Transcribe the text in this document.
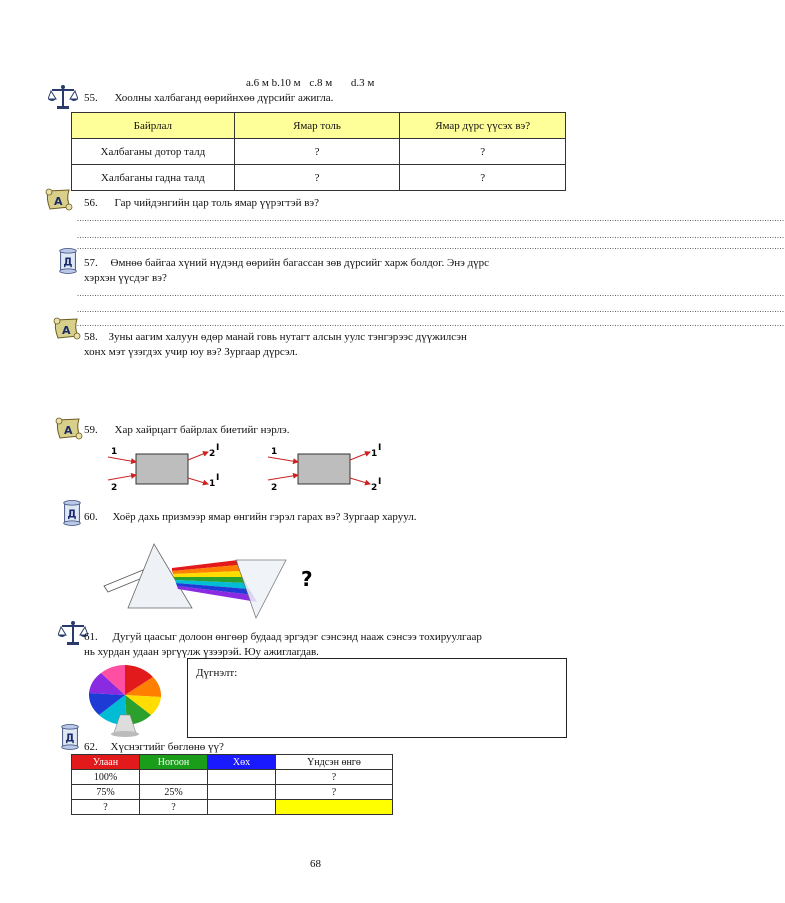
a.6 м b.10 м c.8 м d.3 м
55. Хоолны халбаганд өөрийнхөө дүрсийг ажигла.
Байрлал	Ямар толь	Ямар дүрс үүсэх вэ?
Халбаганы дотор талд	?	?
Халбаганы гадна талд	?	?
56. Гар чийдэнгийн цар толь ямар үүрэгтэй вэ?
...........................................................................................................................................................................................................................................................................................
...........................................................................................................................................................................................................................................................................................
...........................................................................................................................................................................................................................................................................................
57. Өмнөө байгаа хүний нүдэнд өөрийн багассан зөв дүрсийг харж болдог. Энэ дүрс
хэрхэн үүсдэг вэ?
...........................................................................................................................................................................................................................................................................................
...........................................................................................................................................................................................................................................................................................
...........................................................................................................................................................................................................................................................................................
58. Зуны аагим халуун өдөр манай говь нутагт алсын уулс тэнгэрээс дүүжилсэн
хонх мэт үзэгдэх учир юу вэ? Зургаар дүрсэл.
59. Хар хайрцагт байрлах биетийг нэрлэ.
1
2
2
I
1
I
1
2
1
I
2
I
60. Хоёр дахь призмээр ямар өнгийн гэрэл гарах вэ? Зургаар харуул.
?
61. Дугуй цаасыг долоон өнгөөр будаад эргэдэг сэнсэнд нааж сэнсээ тохируулгаар
нь хурдан удаан эргүүлж үзээрэй. Юу ажиглагдав.
Дүгнэлт:
62. Хүснэгтийг бөглөнө үү?
Улаан	Ногоон	Хөх	Үндсэн өнгө
100%			?
75%	25%		?
?	?		
68
